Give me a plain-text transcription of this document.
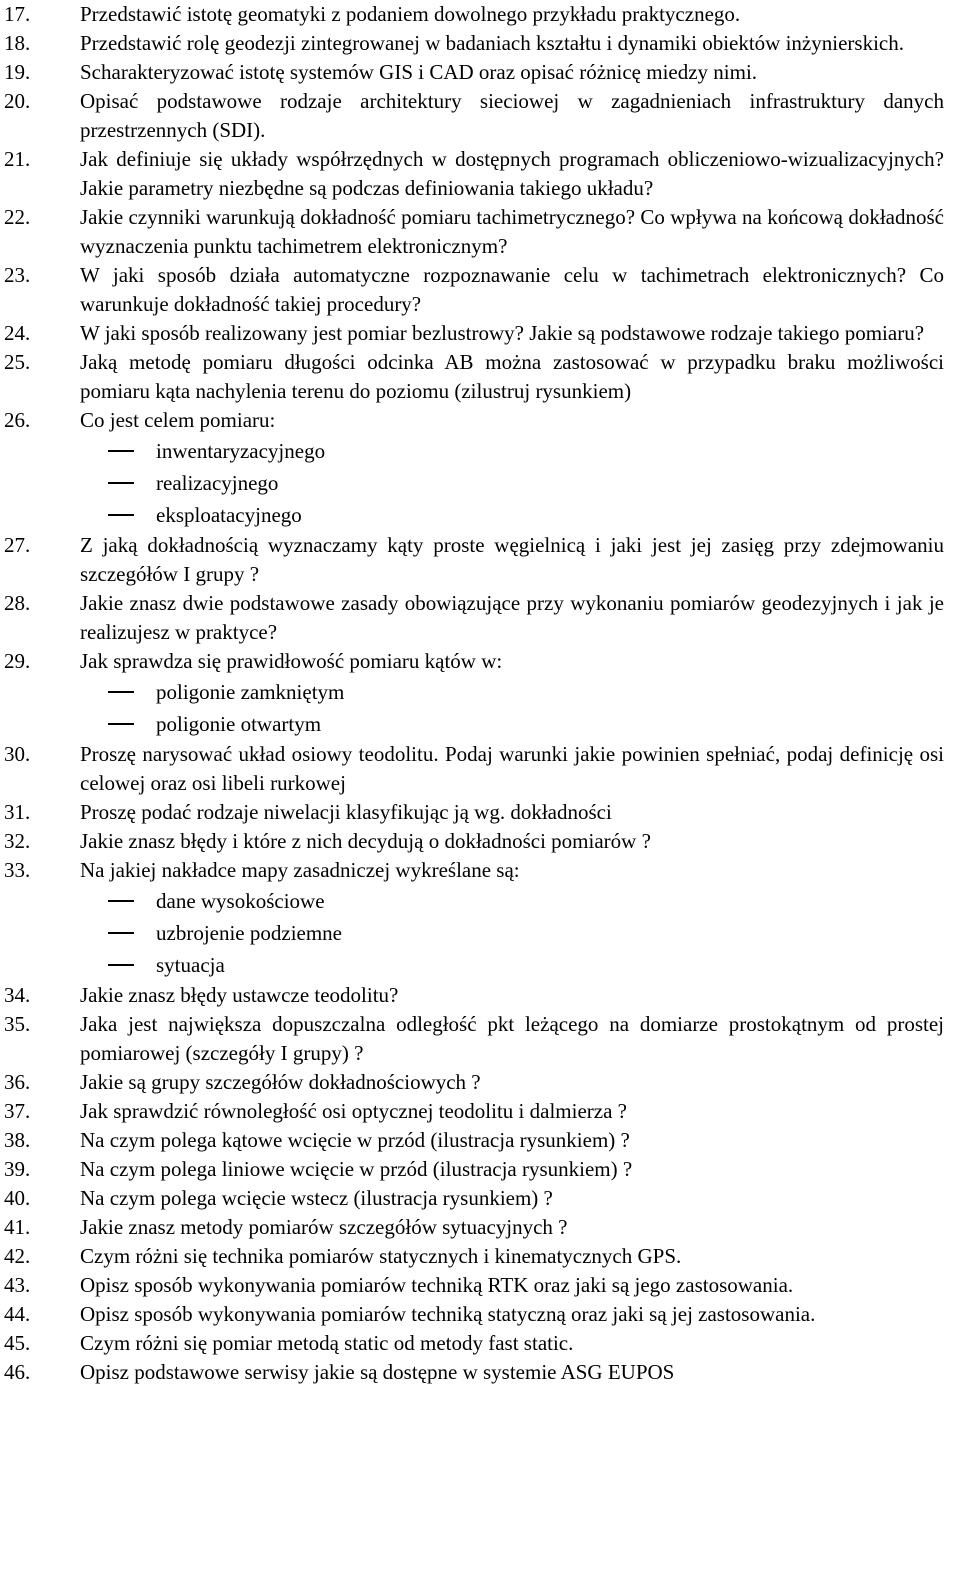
17.	Przedstawić istotę geomatyki z podaniem dowolnego przykładu praktycznego.
18.	Przedstawić rolę geodezji zintegrowanej w badaniach kształtu i dynamiki obiektów inżynierskich.
19.	Scharakteryzować istotę systemów GIS i CAD oraz opisać różnicę miedzy nimi.
20.	Opisać podstawowe rodzaje architektury sieciowej w zagadnieniach infrastruktury danych przestrzennych (SDI).
21.	Jak definiuje się układy współrzędnych w dostępnych programach obliczeniowo-wizualizacyjnych? Jakie parametry niezbędne są podczas definiowania takiego układu?
22.	Jakie czynniki warunkują dokładność pomiaru tachimetrycznego? Co wpływa na końcową dokładność wyznaczenia punktu tachimetrem elektronicznym?
23.	W jaki sposób działa automatyczne rozpoznawanie celu w tachimetrach elektronicznych? Co warunkuje dokładność takiej procedury?
24.	W jaki sposób realizowany jest pomiar bezlustrowy? Jakie są podstawowe rodzaje takiego pomiaru?
25.	Jaką metodę pomiaru długości odcinka AB można zastosować w przypadku braku możliwości pomiaru kąta nachylenia terenu do poziomu (zilustruj rysunkiem)
26.	Co jest celem pomiaru:
inwentaryzacyjnego
realizacyjnego
eksploatacyjnego
27.	Z jaką dokładnością wyznaczamy kąty proste węgielnicą i jaki jest jej zasięg przy zdejmowaniu szczegółów I grupy ?
28.	Jakie znasz dwie podstawowe zasady obowiązujące przy wykonaniu pomiarów geodezyjnych i jak je realizujesz w praktyce?
29.	Jak sprawdza się prawidłowość pomiaru kątów w:
poligonie zamkniętym
poligonie otwartym
30.	Proszę narysować układ osiowy teodolitu. Podaj warunki jakie powinien spełniać, podaj definicję osi celowej oraz osi libeli rurkowej
31.	Proszę podać rodzaje niwelacji klasyfikując ją wg. dokładności
32.	Jakie znasz błędy i które z nich decydują o dokładności pomiarów ?
33.	Na jakiej nakładce mapy zasadniczej wykreślane są:
dane wysokościowe
uzbrojenie podziemne
sytuacja
34.	Jakie znasz błędy ustawcze teodolitu?
35.	Jaka jest największa dopuszczalna odległość pkt leżącego na domiarze prostokątnym od prostej pomiarowej (szczegóły I grupy) ?
36.	Jakie są grupy szczegółów dokładnościowych ?
37.	Jak sprawdzić równoległość osi optycznej teodolitu i dalmierza ?
38.	Na czym polega kątowe wcięcie w przód (ilustracja rysunkiem) ?
39.	Na czym polega liniowe wcięcie w przód (ilustracja rysunkiem) ?
40.	Na czym polega wcięcie wstecz (ilustracja rysunkiem) ?
41.	Jakie znasz metody pomiarów szczegółów sytuacyjnych ?
42.	Czym różni się technika pomiarów statycznych i kinematycznych GPS.
43.	Opisz sposób wykonywania pomiarów techniką RTK oraz jaki są jego zastosowania.
44.	Opisz sposób wykonywania pomiarów techniką statyczną oraz jaki są jej zastosowania.
45.	Czym różni się pomiar metodą static od metody fast static.
46.	Opisz podstawowe serwisy jakie są dostępne w systemie ASG EUPOS
